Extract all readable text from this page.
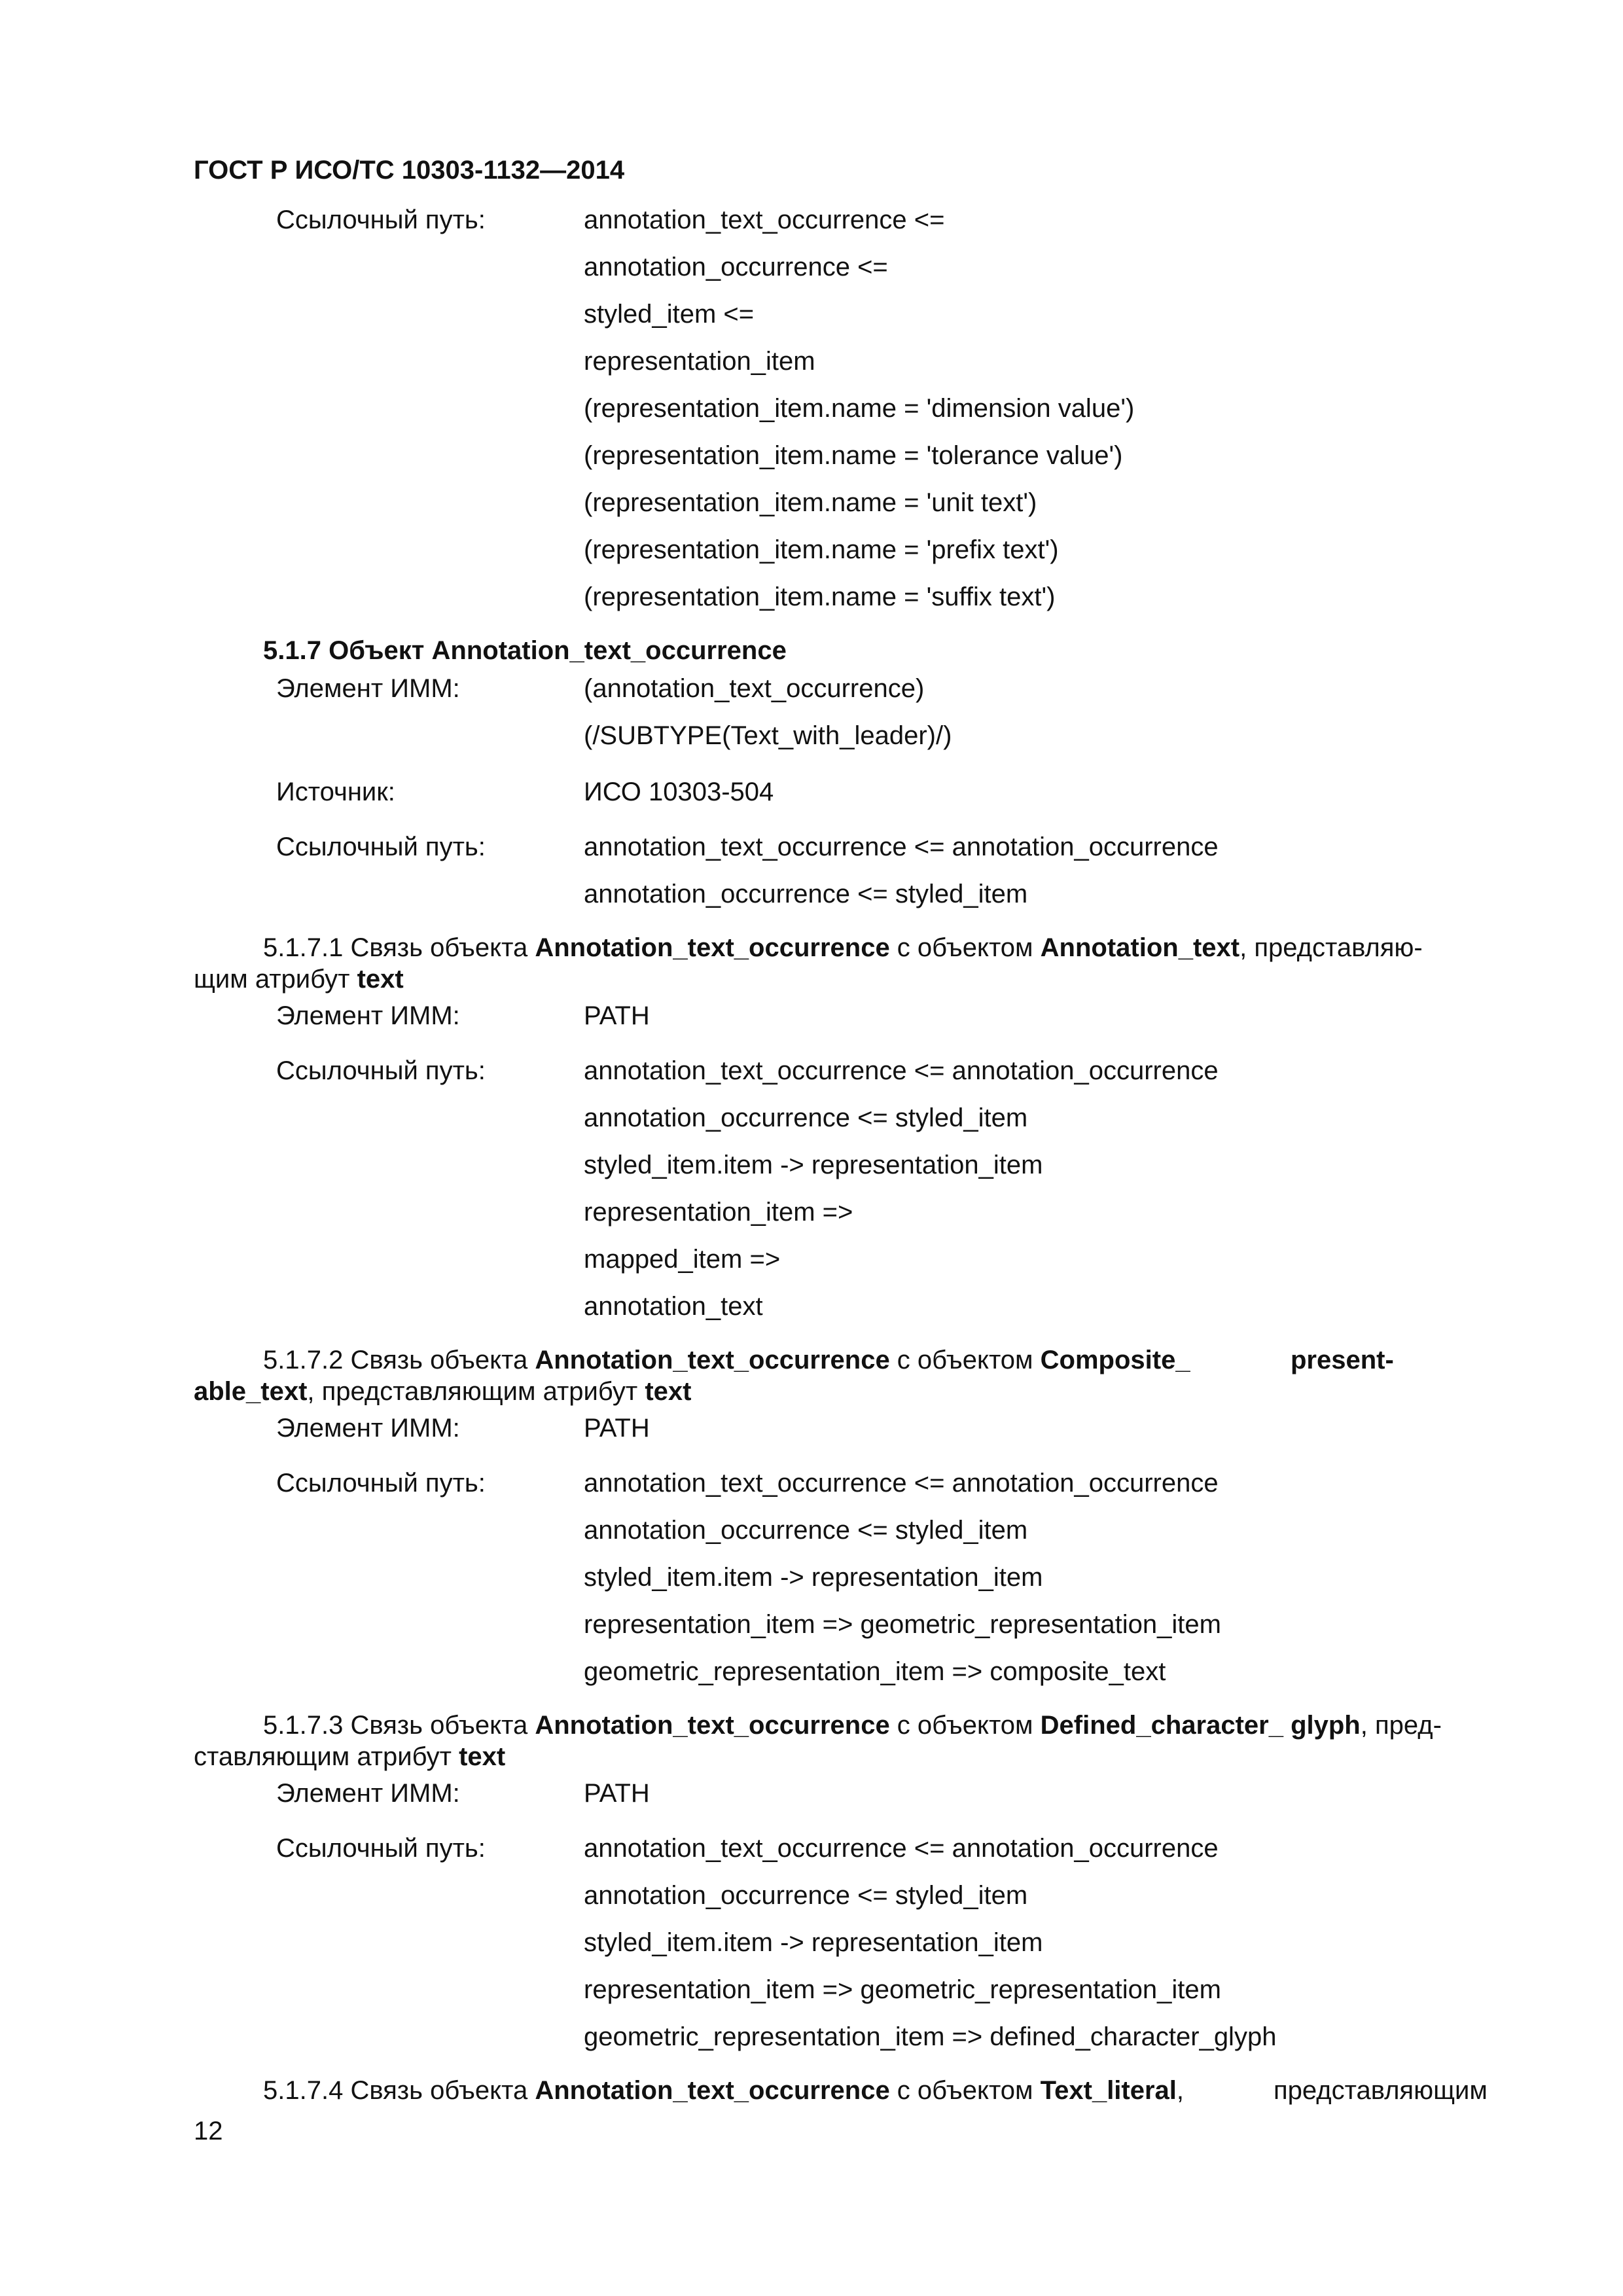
ГОСТ Р ИСО/ТС 10303-1132—2014
Ссылочный путь:	annotation_text_occurrence <=
annotation_occurrence <=
styled_item <=
representation_item
(representation_item.name = 'dimension value')
(representation_item.name = 'tolerance value')
(representation_item.name = 'unit text')
(representation_item.name = 'prefix text')
(representation_item.name = 'suffix text')
5.1.7 Объект Annotation_text_occurrence
Элемент ИММ:	(annotation_text_occurrence)
(/SUBTYPE(Text_with_leader)/)
Источник:	ИСО 10303-504
Ссылочный путь:	annotation_text_occurrence <= annotation_occurrence
annotation_occurrence <= styled_item
5.1.7.1 Связь объекта Annotation_text_occurrence с объектом Annotation_text, представляю-
щим атрибут text
Элемент ИММ:	PATH
Ссылочный путь:	annotation_text_occurrence <= annotation_occurrence
annotation_occurrence <= styled_item
styled_item.item -> representation_item
representation_item =>
mapped_item =>
annotation_text
5.1.7.2 Связь объекта Annotation_text_occurrence с объектом Composite_	present-
able_text, представляющим атрибут text
Элемент ИММ:	PATH
Ссылочный путь:	annotation_text_occurrence <= annotation_occurrence
annotation_occurrence <= styled_item
styled_item.item -> representation_item
representation_item => geometric_representation_item
geometric_representation_item => composite_text
5.1.7.3 Связь объекта Annotation_text_occurrence с объектом Defined_character_ glyph, пред-
ставляющим атрибут text
Элемент ИММ:	PATH
Ссылочный путь:	annotation_text_occurrence <= annotation_occurrence
annotation_occurrence <= styled_item
styled_item.item -> representation_item
representation_item => geometric_representation_item
geometric_representation_item => defined_character_glyph
5.1.7.4 Связь объекта Annotation_text_occurrence с объектом Text_literal,	представляющим
12
